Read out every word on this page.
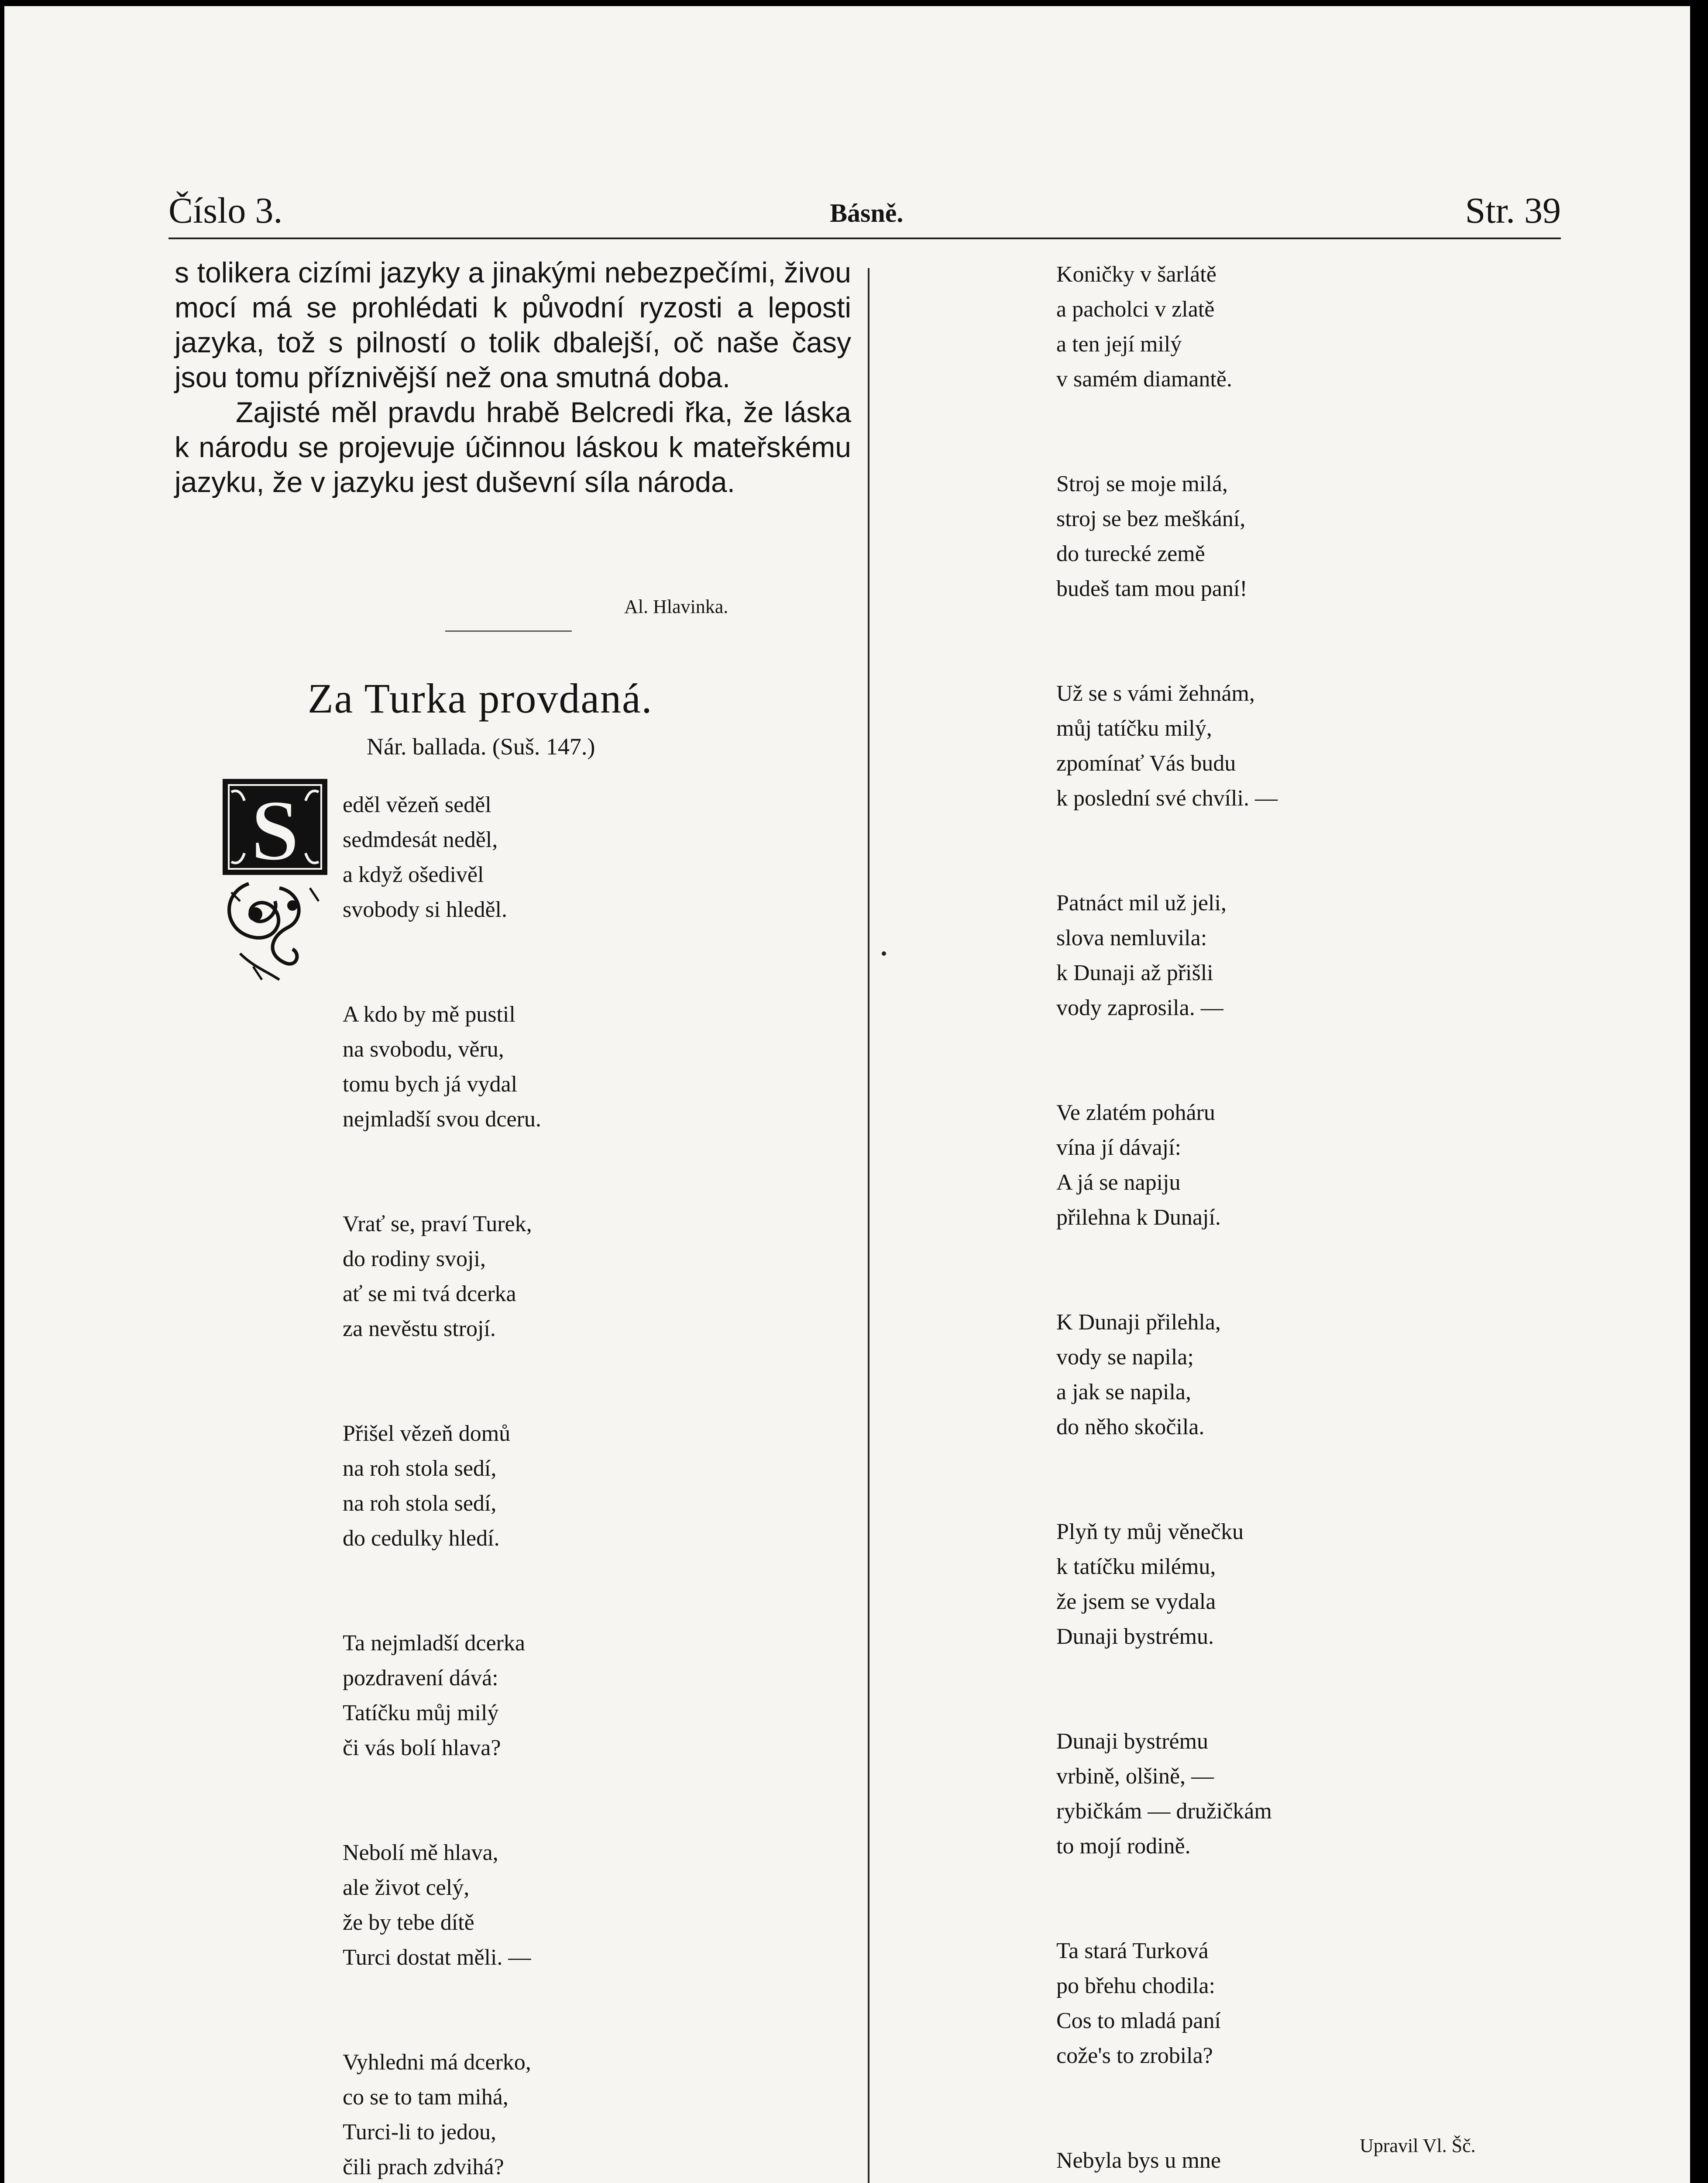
Číslo 3.	Básně.	Str. 39

s tolikera cizími jazyky a jinakými nebezpečími, živou mocí má se prohlédati k původní ryzosti a leposti jazyka, tož s pilností o tolik dbalejší, oč naše časy jsou tomu příznivější než ona smutná doba.

Zajisté měl pravdu hrabě Belcredi řka, že láska k národu se projevuje účinnou láskou k mateřskému jazyku, že v jazyku jest duševní síla národa.

Al. Hlavinka.
Za Turka provdaná.
Nár. ballada. (Suš. 147.)
S eděl vězeň seděl
sedmdesát neděl,
a když ošedivěl
svobody si hleděl.
A kdo by mě pustil
na svobodu, věru,
tomu bych já vydal
nejmladší svou dceru.
Vrať se, praví Turek,
do rodiny svoji,
ať se mi tvá dcerka
za nevěstu strojí.
Přišel vězeň domů
na roh stola sedí,
na roh stola sedí,
do cedulky hledí.
Ta nejmladší dcerka
pozdravení dává:
Tatíčku můj milý
či vás bolí hlava?
Nebolí mě hlava,
ale život celý,
že by tebe dítě
Turci dostat měli. —
Vyhledni má dcerko,
co se to tam mihá,
Turci-li to jedou,
čili prach zdvihá?
Koničky v šarlátě
a pacholci v zlatě
a ten její milý
v samém diamantě.
Stroj se moje milá,
stroj se bez meškání,
do turecké země
budeš tam mou paní!
Už se s vámi žehnám,
můj tatíčku milý,
zpomínať Vás budu
k poslední své chvíli. —
Patnáct mil už jeli,
slova nemluvila:
k Dunaji až přišli
vody zaprosila. —
Ve zlatém poháru
vína jí dávají:
A já se napiju
přilehna k Dunají.
K Dunaji přilehla,
vody se napila;
a jak se napila,
do něho skočila.
Plyň ty můj věnečku
k tatíčku milému,
že jsem se vydala
Dunaji bystrému.
Dunaji bystrému
vrbině, olšině, —
rybičkám — družičkám
to mojí rodině.
Ta stará Turková
po břehu chodila:
Cos to mladá paní
cože's to zrobila?
Nebyla bys u mne
Upravil Vl. Šč.
